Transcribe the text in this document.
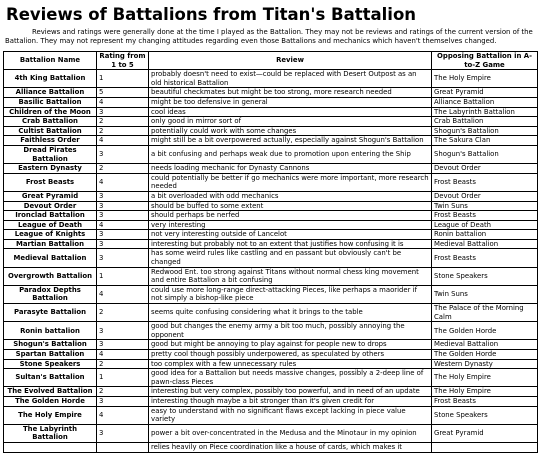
Reviews of Battalions from Titan's Battalion

Reviews and ratings were generally done at the time I played as the Battalion. They may not be reviews and ratings of the current version of the Battalion. They may not represent my changing attitudes regarding even those Battalions and mechanics which haven't themselves changed.

Battalion Name	Rating from 1 to 5	Review	Opposing Battalion in A-to-Z Game
4th King Battalion	1	probably doesn't need to exist—could be replaced with Desert Outpost as an old historical Battalion	The Holy Empire
Alliance Battalion	5	beautiful checkmates but might be too strong, more research needed	Great Pyramid
Basilic Battalion	4	might be too defensive in general	Alliance Battalion
Children of the Moon	3	cool ideas	The Labyrinth Battalion
Crab Battalion	2	only good in mirror sort of	Crab Battalion
Cultist Battalion	2	potentially could work with some changes	Shogun's Battalion
Faithless Order	4	might still be a bit overpowered actually, especially against Shogun's Battalion	The Sakura Clan
Dread Pirates Battalion	3	a bit confusing and perhaps weak due to promotion upon entering the Ship	Shogun's Battalion
Eastern Dynasty	2	needs loading mechanic for Dynasty Cannons	Devout Order
Frost Beasts	4	could potentially be better if go mechanics were more important, more research needed	Frost Beasts
Great Pyramid	3	a bit overloaded with odd mechanics	Devout Order
Devout Order	3	should be buffed to some extent	Twin Suns
Ironclad Battalion	3	should perhaps be nerfed	Frost Beasts
League of Death	4	very interesting	League of Death
League of Knights	3	not very interesting outside of Lancelot	Ronin battalion
Martian Battalion	3	interesting but probably not to an extent that justifies how confusing it is	Medieval Battalion
Medieval Battalion	3	has some weird rules like castling and en passant but obviously can't be changed	Frost Beasts
Overgrowth Battalion	1	Redwood Ent. too strong against Titans without normal chess king movement and entire Battalion a bit confusing	Stone Speakers
Paradox Depths Battalion	4	could use more long-range direct-attacking Pieces, like perhaps a maorider if not simply a bishop-like piece	Twin Suns
Parasyte Battalion	2	seems quite confusing considering what it brings to the table	The Palace of the Morning Calm
Ronin battalion	3	good but changes the enemy army a bit too much, possibly annoying the opponent	The Golden Horde
Shogun's Battalion	3	good but might be annoying to play against for people new to drops	Medieval Battalion
Spartan Battalion	4	pretty cool though possibly underpowered, as speculated by others	The Golden Horde
Stone Speakers	2	too complex with a few unnecessary rules	Western Dynasty
Sultan's Battalion	1	good idea for a Battalion but needs massive changes, possibly a 2-deep line of pawn-class Pieces	The Holy Empire
The Evolved Battalion	2	interesting but very complex, possibly too powerful, and in need of an update	The Holy Empire
The Golden Horde	3	interesting though maybe a bit stronger than it's given credit for	Frost Beasts
The Holy Empire	4	easy to understand with no significant flaws except lacking in piece value variety	Stone Speakers
The Labyrinth Battalion	3	power a bit over-concentrated in the Medusa and the Minotaur in my opinion	Great Pyramid
		relies heavily on Piece coordination like a house of cards, which makes it	
